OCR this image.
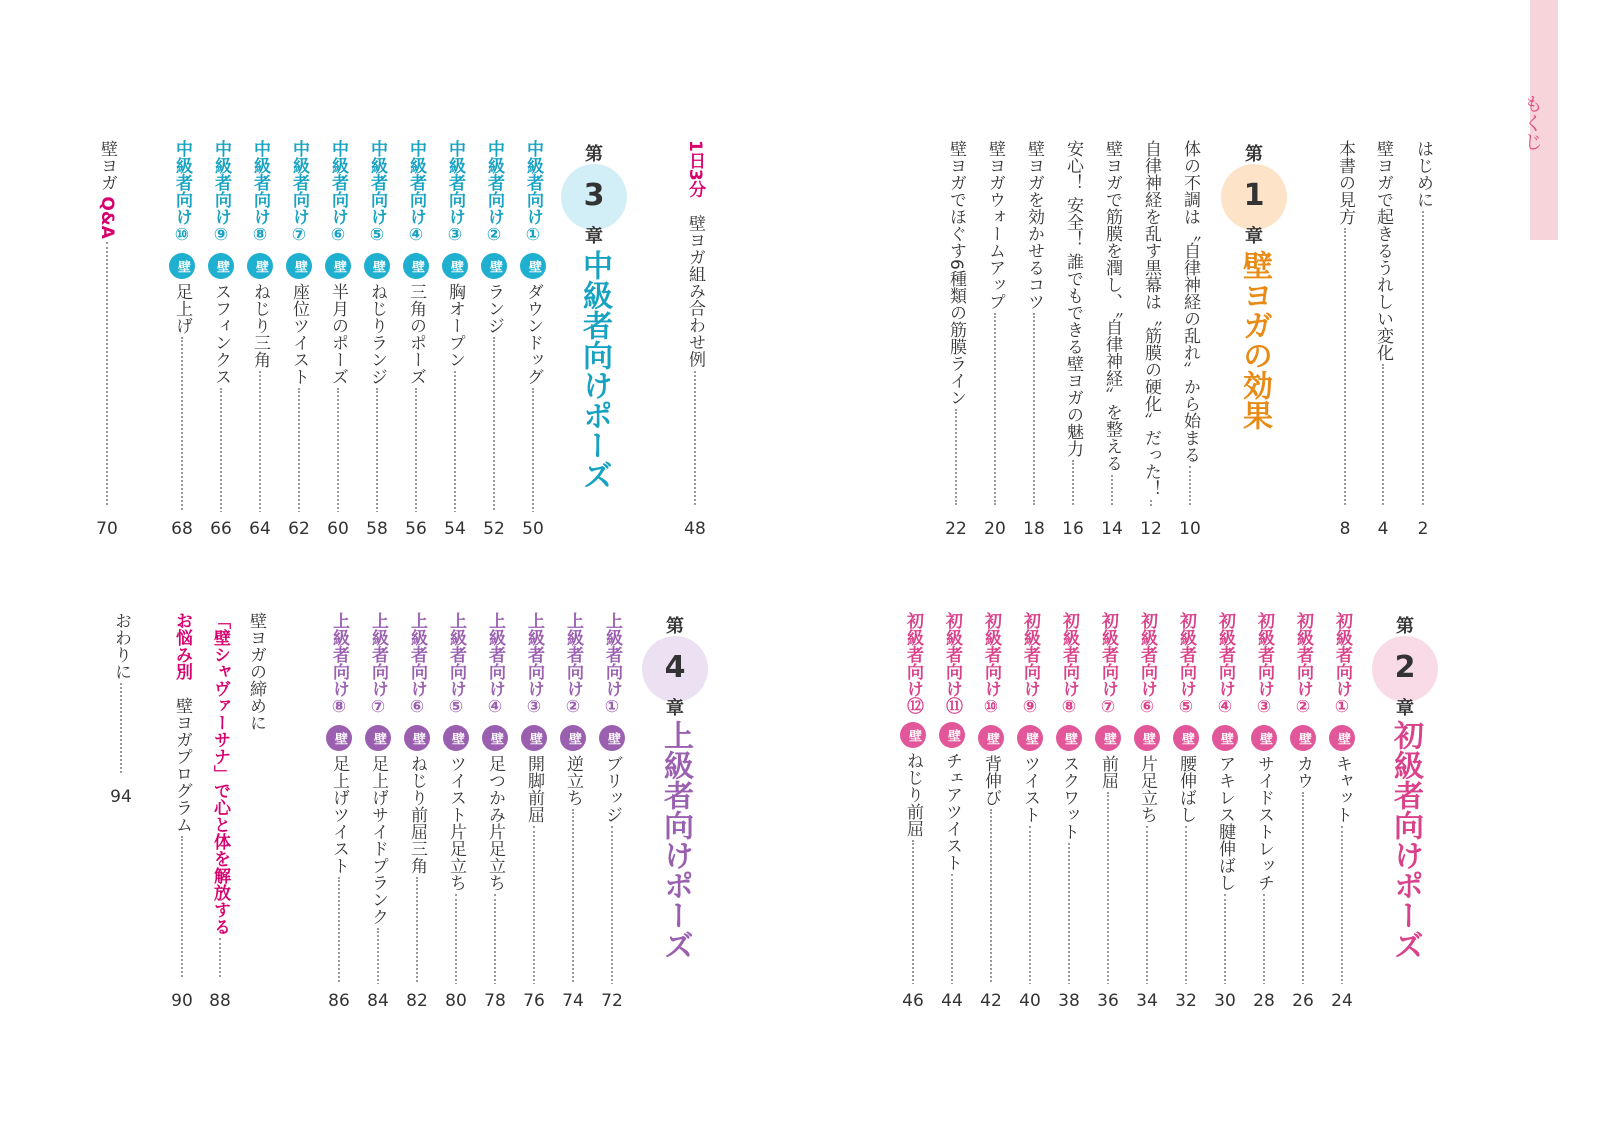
もくじ
はじめに
2
壁ヨガで起きるうれしい変化
4
本書の見方
8
第
1
章
壁ヨガの効果
体の不調は〝自律神経の乱れ〟から始まる
10
自律神経を乱す黒幕は〝筋膜の硬化〟だった！
12
壁ヨガで筋膜を潤し、〝自律神経〟を整える
14
安心！ 安全！ 誰でもできる壁ヨガの魅力
16
壁ヨガを効かせるコツ
18
壁ヨガウォームアップ
20
壁ヨガでほぐす6種類の筋膜ライン
22
1日3分　壁ヨガ組み合わせ例
48
第
3
章
中級者向けポーズ
中級者向け①壁ダウンドッグ
50
中級者向け②壁ランジ
52
中級者向け③壁胸オープン
54
中級者向け④壁三角のポーズ
56
中級者向け⑤壁ねじりランジ
58
中級者向け⑥壁半月のポーズ
60
中級者向け⑦壁座位ツイスト
62
中級者向け⑧壁ねじり三角
64
中級者向け⑨壁スフィンクス
66
中級者向け⑩壁足上げ
68
壁ヨガ Q&A
70
第
2
章
初級者向けポーズ
初級者向け①壁キャット
24
初級者向け②壁カウ
26
初級者向け③壁サイドストレッチ
28
初級者向け④壁アキレス腱伸ばし
30
初級者向け⑤壁腰伸ばし
32
初級者向け⑥壁片足立ち
34
初級者向け⑦壁前屈
36
初級者向け⑧壁スクワット
38
初級者向け⑨壁ツイスト
40
初級者向け⑩壁背伸び
42
初級者向け⑪壁チェアツイスト
44
初級者向け⑫壁ねじり前屈
46
第
4
章
上級者向けポーズ
上級者向け①壁ブリッジ
72
上級者向け②壁逆立ち
74
上級者向け③壁開脚前屈
76
上級者向け④壁足つかみ片足立ち
78
上級者向け⑤壁ツイスト片足立ち
80
上級者向け⑥壁ねじり前屈三角
82
上級者向け⑦壁足上げサイドプランク
84
上級者向け⑧壁足上げツイスト
86
壁ヨガの締めに
「壁シャヴァーサナ」で心と体を解放する
88
お悩み別　壁ヨガプログラム
90
おわりに
94
